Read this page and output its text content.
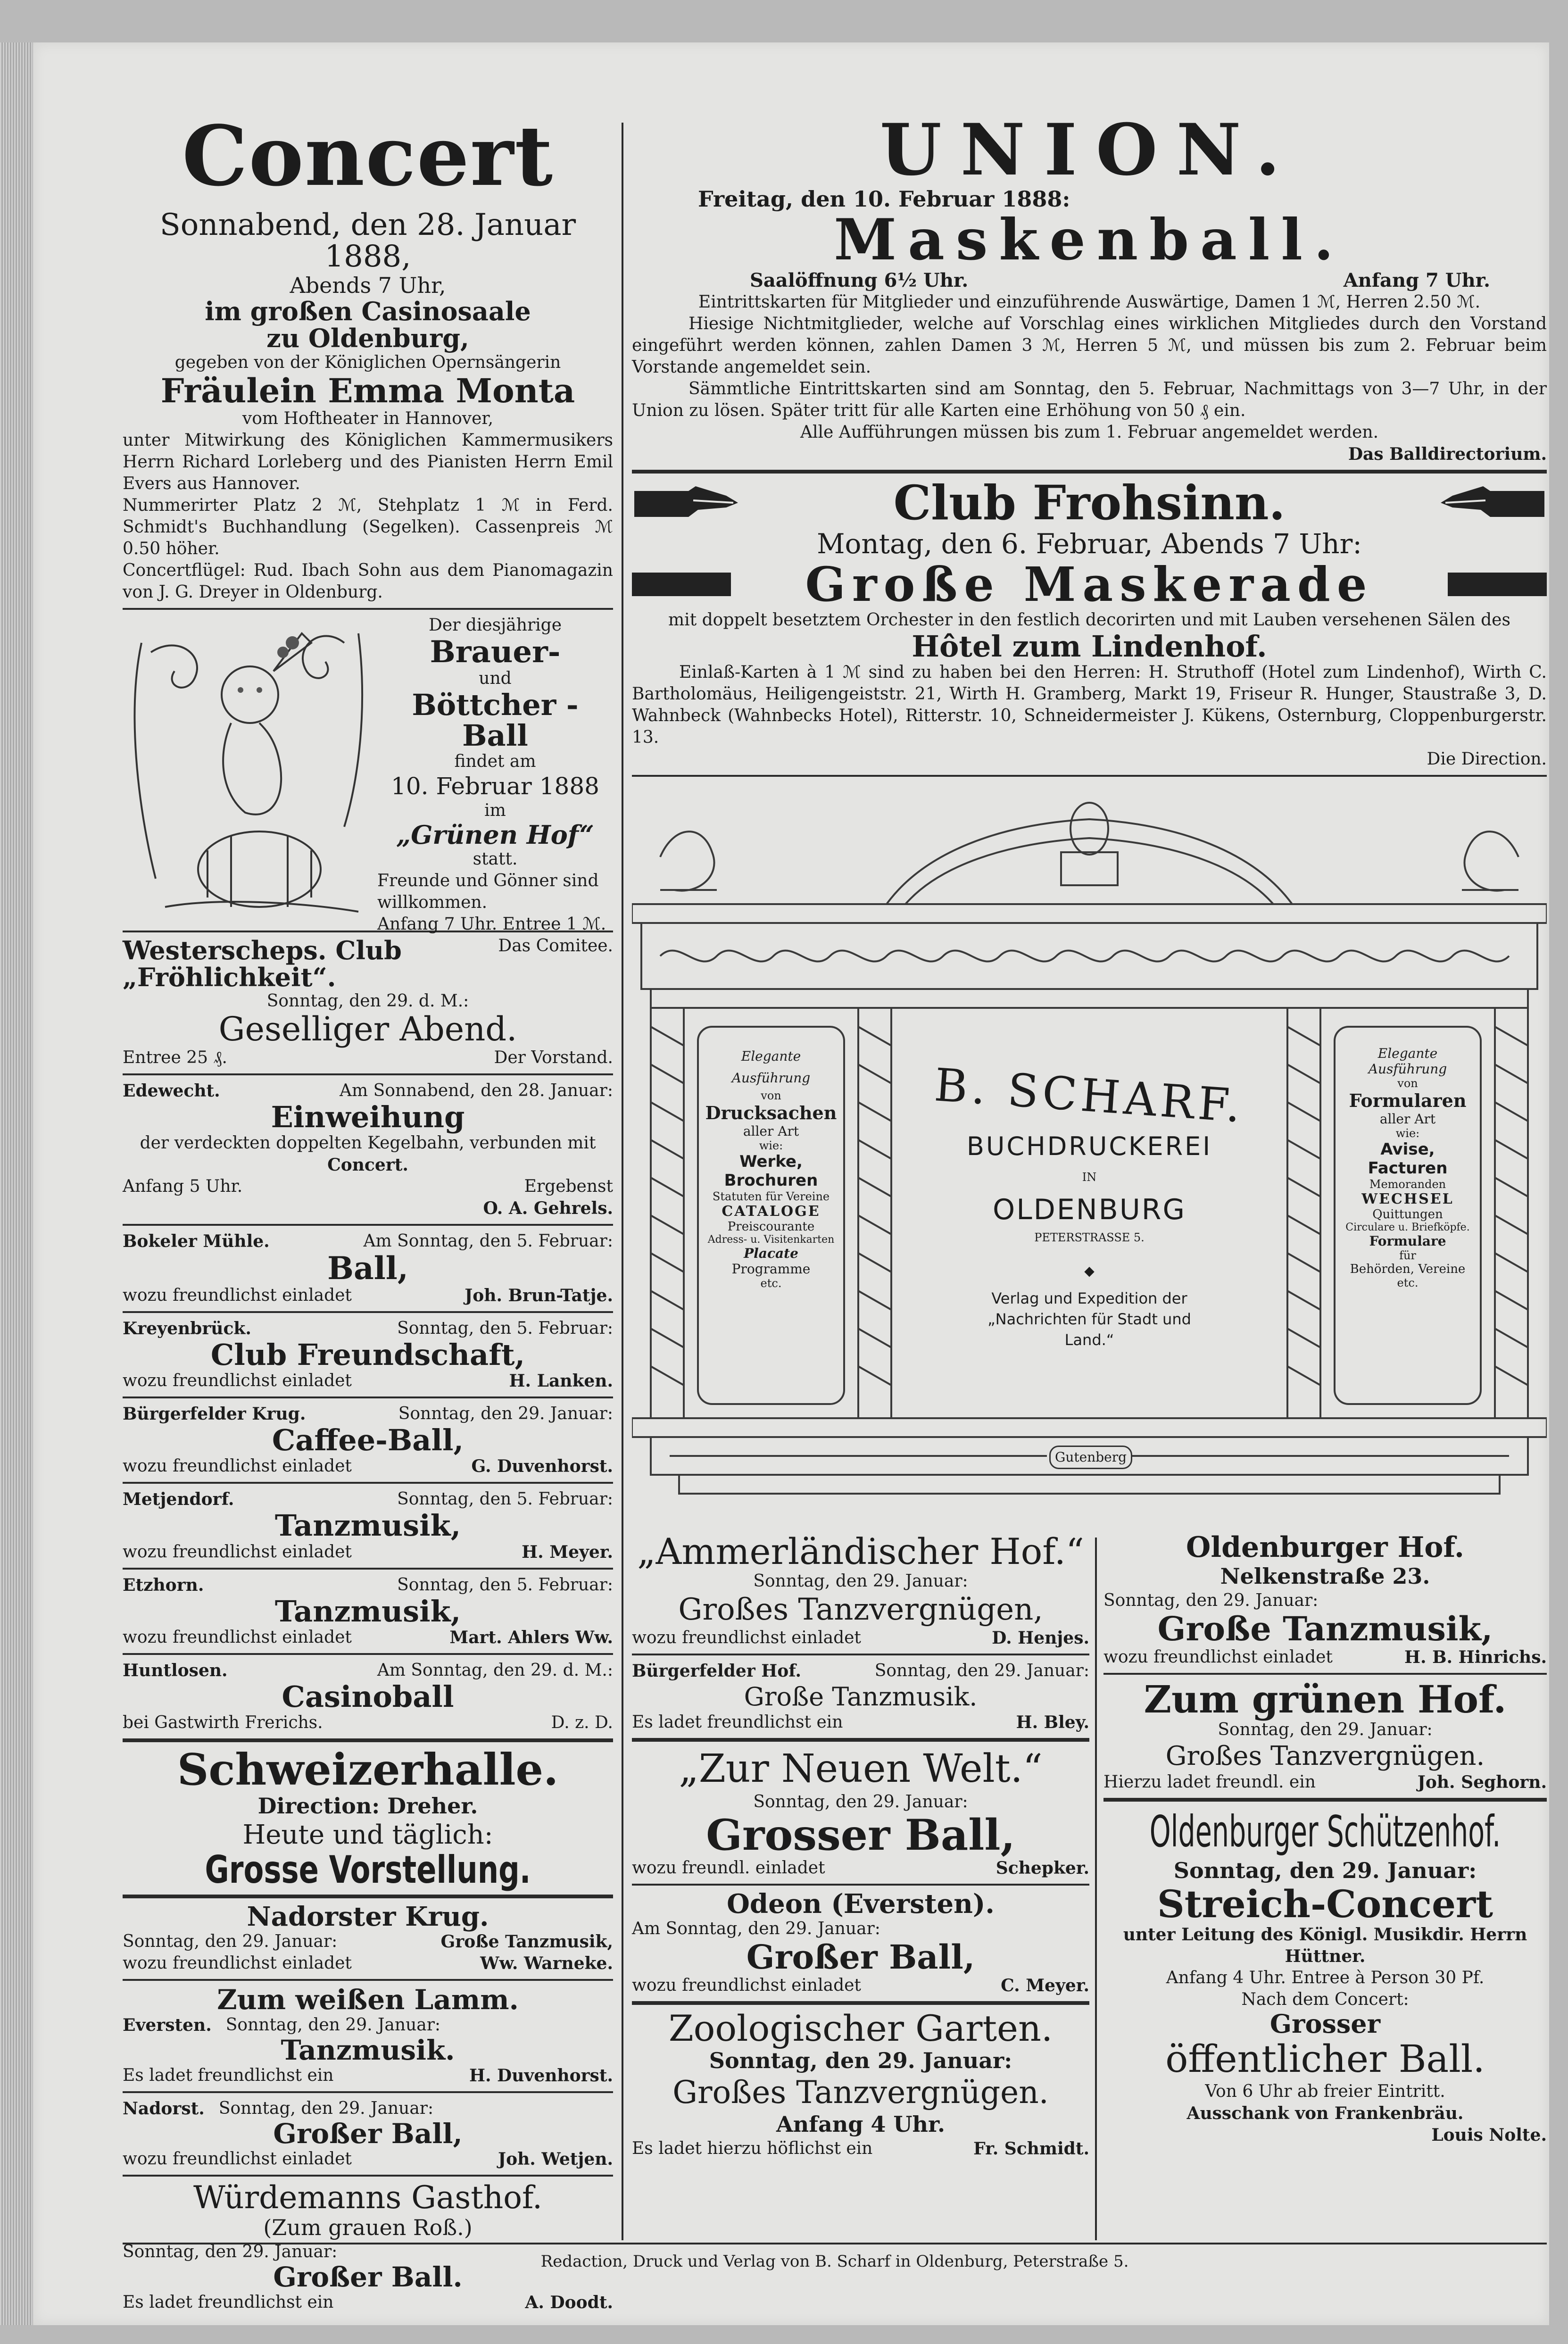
Concert
Sonnabend, den 28. Januar 1888,
Abends 7 Uhr,
im großen Casinosaale
zu Oldenburg,
gegeben von der Königlichen Opernsängerin
Fräulein Emma Monta
vom Hoftheater in Hannover,
unter Mitwirkung des Königlichen Kammermusikers Herrn Richard Lorleberg und des Pianisten Herrn Emil Evers aus Hannover.
Nummerirter Platz 2 ℳ, Stehplatz 1 ℳ in Ferd. Schmidt's Buchhandlung (Segelken). Cassenpreis ℳ 0.50 höher.
Concertflügel: Rud. Ibach Sohn aus dem Pianomagazin von J. G. Dreyer in Oldenburg.
Der diesjährige
Brauer-
und
Böttcher - Ball
findet am
10. Februar 1888
im
„Grünen Hof“
statt.
Freunde und Gönner sind willkommen.
Anfang 7 Uhr. Entree 1 ℳ.
Das Comitee.
Westerscheps. Club „Fröhlichkeit“.
Sonntag, den 29. d. M.:
Geselliger Abend.
Entree 25 ₰.	Der Vorstand.
Edewecht.	Am Sonnabend, den 28. Januar:
Einweihung
der verdeckten doppelten Kegelbahn, verbunden mit
Concert.
Anfang 5 Uhr.	Ergebenst
O. A. Gehrels.
Bokeler Mühle.	Am Sonntag, den 5. Februar:
Ball,
wozu freundlichst einladet	Joh. Brun-Tatje.
Kreyenbrück.	Sonntag, den 5. Februar:
Club Freundschaft,
wozu freundlichst einladet	H. Lanken.
Bürgerfelder Krug.	Sonntag, den 29. Januar:
Caffee-Ball,
wozu freundlichst einladet	G. Duvenhorst.
Metjendorf.	Sonntag, den 5. Februar:
Tanzmusik,
wozu freundlichst einladet	H. Meyer.
Etzhorn.	Sonntag, den 5. Februar:
Tanzmusik,
wozu freundlichst einladet	Mart. Ahlers Ww.
Huntlosen.	Am Sonntag, den 29. d. M.:
Casinoball
bei Gastwirth Frerichs.	D. z. D.
Schweizerhalle.
Direction: Dreher.
Heute und täglich:
Grosse Vorstellung.
Nadorster Krug.
Sonntag, den 29. Januar:	Große Tanzmusik,
wozu freundlichst einladet	Ww. Warneke.
Zum weißen Lamm.
Eversten. Sonntag, den 29. Januar:
Tanzmusik.
Es ladet freundlichst ein	H. Duvenhorst.
Nadorst. Sonntag, den 29. Januar:
Großer Ball,
wozu freundlichst einladet	Joh. Wetjen.
Würdemanns Gasthof.
(Zum grauen Roß.)
Sonntag, den 29. Januar:
Großer Ball.
Es ladet freundlichst ein	A. Doodt.
UNION.
Freitag, den 10. Februar 1888:
Maskenball.
Saalöffnung 6½ Uhr.	Anfang 7 Uhr.
Eintrittskarten für Mitglieder und einzuführende Auswärtige, Damen 1 ℳ, Herren 2.50 ℳ.
Hiesige Nichtmitglieder, welche auf Vorschlag eines wirklichen Mitgliedes durch den Vorstand eingeführt werden können, zahlen Damen 3 ℳ, Herren 5 ℳ, und müssen bis zum 2. Februar beim Vorstande angemeldet sein.
Sämmtliche Eintrittskarten sind am Sonntag, den 5. Februar, Nachmittags von 3—7 Uhr, in der Union zu lösen. Später tritt für alle Karten eine Erhöhung von 50 ₰ ein.
Alle Aufführungen müssen bis zum 1. Februar angemeldet werden.
Das Balldirectorium.
Club Frohsinn.
Montag, den 6. Februar, Abends 7 Uhr:
Große Maskerade
mit doppelt besetztem Orchester in den festlich decorirten und mit Lauben versehenen Sälen des
Hôtel zum Lindenhof.
Einlaß-Karten à 1 ℳ sind zu haben bei den Herren: H. Struthoff (Hotel zum Lindenhof), Wirth C. Bartholomäus, Heiligengeiststr. 21, Wirth H. Gramberg, Markt 19, Friseur R. Hunger, Staustraße 3, D. Wahnbeck (Wahnbecks Hotel), Ritterstr. 10, Schneidermeister J. Kükens, Osternburg, Cloppenburgerstr. 13.
Die Direction.
Gutenberg
Elegante Ausführung
von
Drucksachen
aller Art
wie:
Werke, Brochuren
Statuten für Vereine
CATALOGE
Preiscourante
Adress- u. Visitenkarten
Placate
Programme
etc.
B. SCHARF.
BUCHDRUCKEREI
IN
OLDENBURG
PETERSTRASSE 5.
◆
Verlag und Expedition der „Nachrichten für Stadt und Land.“
Elegante Ausführung
von
Formularen
aller Art
wie:
Avise, Facturen
Memoranden
WECHSEL
Quittungen
Circulare u. Briefköpfe.
Formulare
für
Behörden, Vereine
etc.
„Ammerländischer Hof.“
Sonntag, den 29. Januar:
Großes Tanzvergnügen,
wozu freundlichst einladet	D. Henjes.
Bürgerfelder Hof.	Sonntag, den 29. Januar:
Große Tanzmusik.
Es ladet freundlichst ein	H. Bley.
„Zur Neuen Welt.“
Sonntag, den 29. Januar:
Grosser Ball,
wozu freundl. einladet	Schepker.
Odeon (Eversten).
Am Sonntag, den 29. Januar:
Großer Ball,
wozu freundlichst einladet	C. Meyer.
Zoologischer Garten.
Sonntag, den 29. Januar:
Großes Tanzvergnügen.
Anfang 4 Uhr.
Es ladet hierzu höflichst ein	Fr. Schmidt.
Oldenburger Hof.
Nelkenstraße 23.
Sonntag, den 29. Januar:
Große Tanzmusik,
wozu freundlichst einladet	H. B. Hinrichs.
Zum grünen Hof.
Sonntag, den 29. Januar:
Großes Tanzvergnügen.
Hierzu ladet freundl. ein	Joh. Seghorn.
Oldenburger Schützenhof.
Sonntag, den 29. Januar:
Streich-Concert
unter Leitung des Königl. Musikdir. Herrn Hüttner.
Anfang 4 Uhr. Entree à Person 30 Pf.
Nach dem Concert:
Grosser
öffentlicher Ball.
Von 6 Uhr ab freier Eintritt.
Ausschank von Frankenbräu.
Louis Nolte.
Redaction, Druck und Verlag von B. Scharf in Oldenburg, Peterstraße 5.
